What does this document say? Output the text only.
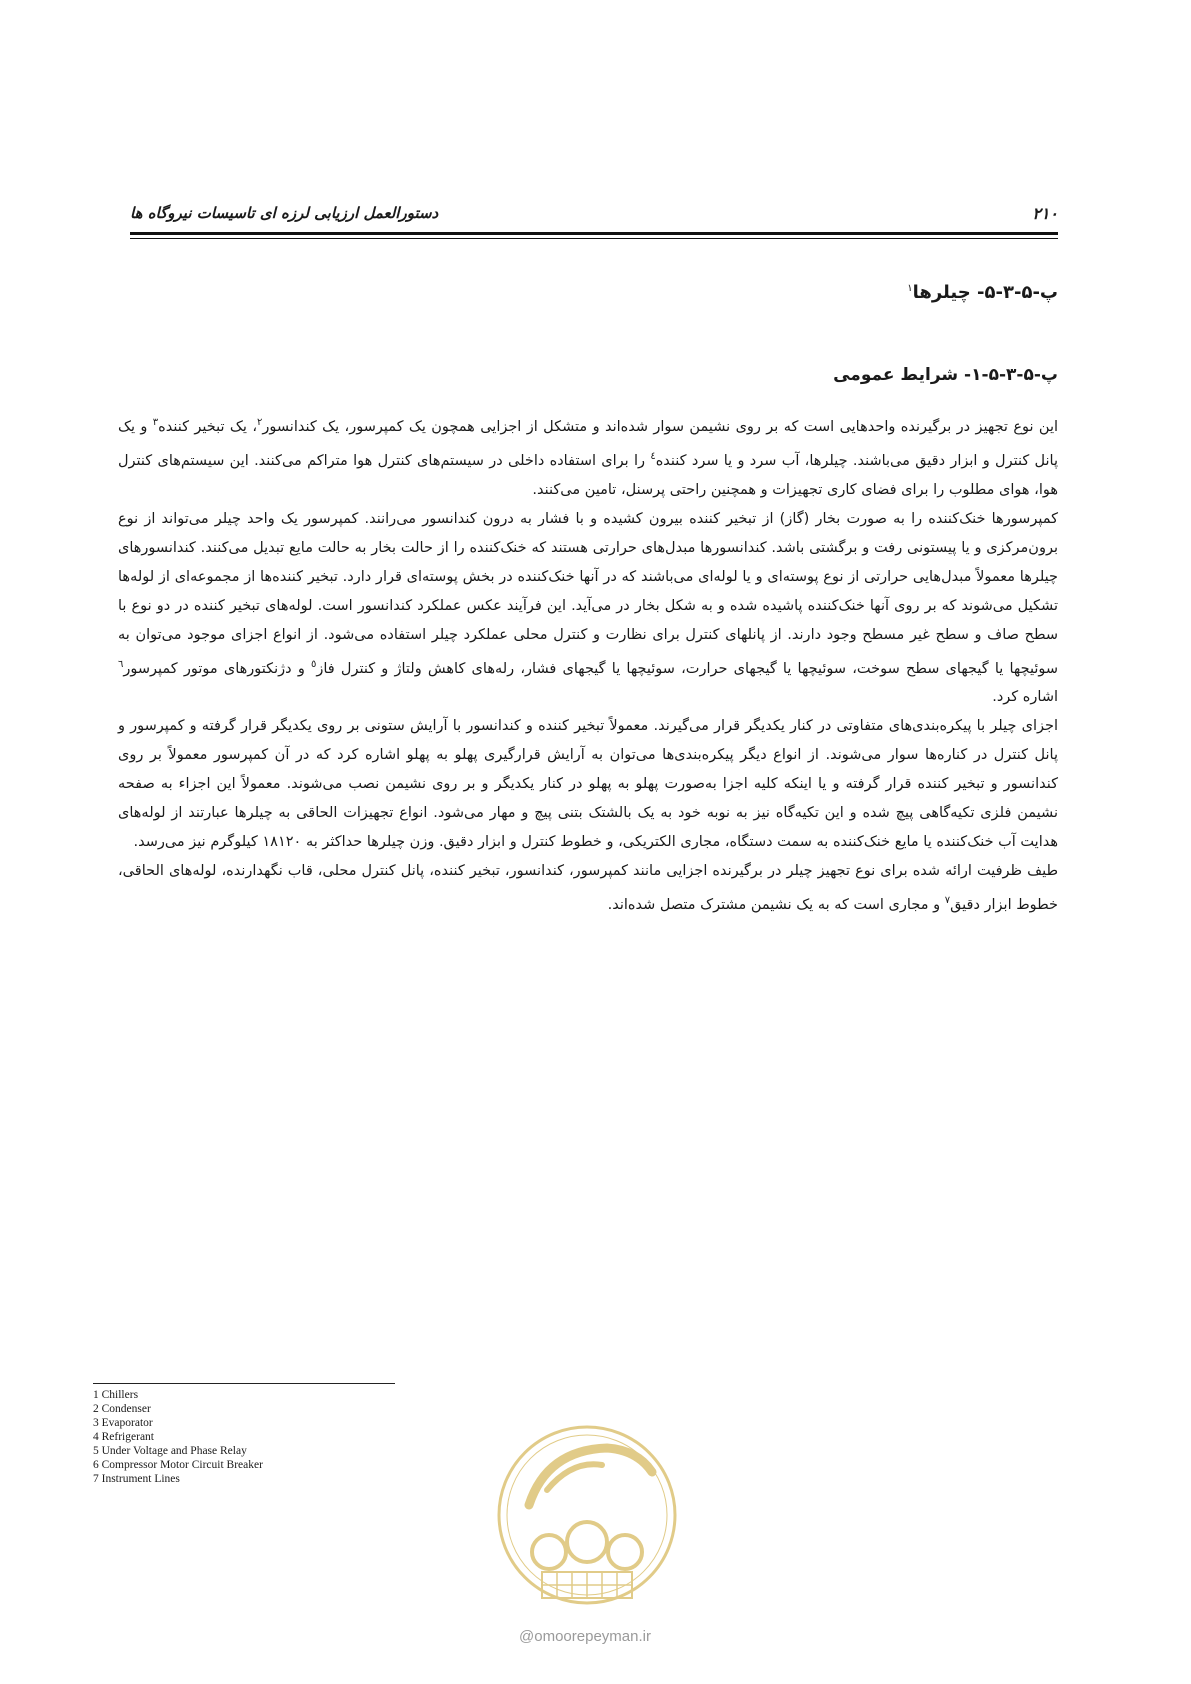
۲۱۰
دستورالعمل ارزیابی لرزه ای تاسیسات نیروگاه ها
پ-۵-۳-۵- چیلرها$^۱$
پ-۵-۳-۵-۱- شرایط عمومی

این نوع تجهیز در برگیرنده واحدهایی است که بر روی نشیمن سوار شده‌اند و متشکل از اجزایی همچون یک کمپرسور، یک کندانسور$^۲$، یک تبخیر کننده$^۳$ و یک پانل کنترل و ابزار دقیق می‌باشند. چیلرها، آب سرد و یا سرد کننده$^٤$ را برای استفاده داخلی در سیستم‌های کنترل هوا متراکم می‌کنند. این سیستم‌های کنترل هوا، هوای مطلوب را برای فضای کاری تجهیزات و همچنین راحتی پرسنل، تامین می‌کنند.

کمپرسورها خنک‌کننده را به صورت بخار (گاز) از تبخیر کننده بیرون کشیده و با فشار به درون کندانسور می‌رانند. کمپرسور یک واحد چیلر می‌تواند از نوع برون‌مرکزی و یا پیستونی رفت و برگشتی باشد. کندانسورها مبدل‌های حرارتی هستند که خنک‌کننده را از حالت بخار به حالت مایع تبدیل می‌کنند. کندانسورهای چیلرها معمولاً مبدل‌هایی حرارتی از نوع پوسته‌ای و یا لوله‌ای می‌باشند که در آنها خنک‌کننده در بخش پوسته‌ای قرار دارد. تبخیر کننده‌ها از مجموعه‌ای از لوله‌ها تشکیل می‌شوند که بر روی آنها خنک‌کننده پاشیده شده و به شکل بخار در می‌آید. این فرآیند عکس عملکرد کندانسور است. لوله‌های تبخیر کننده در دو نوع با سطح صاف و سطح غیر مسطح وجود دارند. از پانلهای کنترل برای نظارت و کنترل محلی عملکرد چیلر استفاده می‌شود. از انواع اجزای موجود می‌توان به سوئیچها یا گیجهای سطح سوخت، سوئیچها یا گیجهای حرارت، سوئیچها یا گیجهای فشار، رله‌های کاهش ولتاژ و کنترل فاز$^٥$ و دژنکتورهای موتور کمپرسور$^٦$ اشاره کرد.

اجزای چیلر با پیکره‌بندی‌های متفاوتی در کنار یکدیگر قرار می‌گیرند. معمولاً تبخیر کننده و کندانسور با آرایش ستونی بر روی یکدیگر قرار گرفته و کمپرسور و پانل کنترل در کناره‌ها سوار می‌شوند. از انواع دیگر پیکره‌بندی‌ها می‌توان به آرایش قرارگیری پهلو به پهلو اشاره کرد که در آن کمپرسور معمولاً بر روی کندانسور و تبخیر کننده قرار گرفته و یا اینکه کلیه اجزا به‌صورت پهلو به پهلو در کنار یکدیگر و بر روی نشیمن نصب می‌شوند. معمولاً این اجزاء به صفحه نشیمن فلزی تکیه‌گاهی پیچ شده و این تکیه‌گاه نیز به نوبه خود به یک بالشتک بتنی پیچ و مهار می‌شود. انواع تجهیزات الحاقی به چیلرها عبارتند از لوله‌های هدایت آب خنک‌کننده یا مایع خنک‌کننده به سمت دستگاه، مجاری الکتریکی، و خطوط کنترل و ابزار دقیق. وزن چیلرها حداکثر به ۱۸۱۲۰ کیلوگرم نیز می‌رسد.

طیف ظرفیت ارائه شده برای نوع تجهیز چیلر در برگیرنده اجزایی مانند کمپرسور، کندانسور، تبخیر کننده، پانل کنترل محلی، قاب نگهدارنده، لوله‌های الحاقی، خطوط ابزار دقیق$^۷$ و مجاری است که به یک نشیمن مشترک متصل شده‌اند.

1 Chillers
2 Condenser
3 Evaporator
4 Refrigerant
5 Under Voltage and Phase Relay
6 Compressor Motor Circuit Breaker
7 Instrument Lines
@omoorepeyman.ir
